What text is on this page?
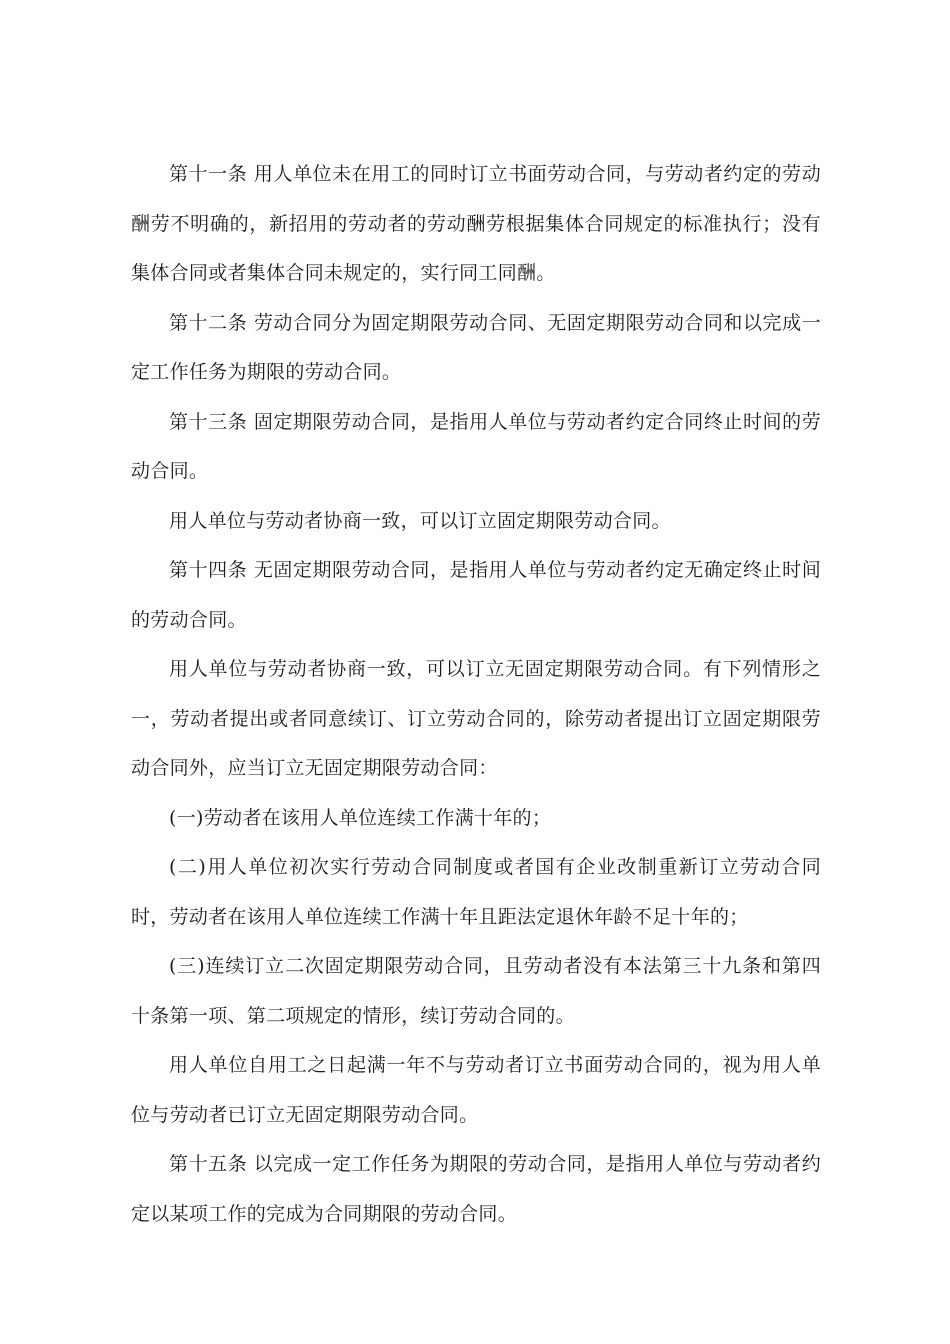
第十一条 用人单位未在用工的同时订立书面劳动合同，与劳动者约定的劳动酬劳不明确的，新招用的劳动者的劳动酬劳根据集体合同规定的标准执行；没有集体合同或者集体合同未规定的，实行同工同酬。

第十二条 劳动合同分为固定期限劳动合同、无固定期限劳动合同和以完成一定工作任务为期限的劳动合同。

第十三条 固定期限劳动合同，是指用人单位与劳动者约定合同终止时间的劳动合同。

用人单位与劳动者协商一致，可以订立固定期限劳动合同。

第十四条 无固定期限劳动合同，是指用人单位与劳动者约定无确定终止时间的劳动合同。

用人单位与劳动者协商一致，可以订立无固定期限劳动合同。有下列情形之一，劳动者提出或者同意续订、订立劳动合同的，除劳动者提出订立固定期限劳动合同外，应当订立无固定期限劳动合同：

(一)劳动者在该用人单位连续工作满十年的；

(二)用人单位初次实行劳动合同制度或者国有企业改制重新订立劳动合同时，劳动者在该用人单位连续工作满十年且距法定退休年龄不足十年的；

(三)连续订立二次固定期限劳动合同，且劳动者没有本法第三十九条和第四十条第一项、第二项规定的情形，续订劳动合同的。

用人单位自用工之日起满一年不与劳动者订立书面劳动合同的，视为用人单位与劳动者已订立无固定期限劳动合同。

第十五条 以完成一定工作任务为期限的劳动合同，是指用人单位与劳动者约定以某项工作的完成为合同期限的劳动合同。
